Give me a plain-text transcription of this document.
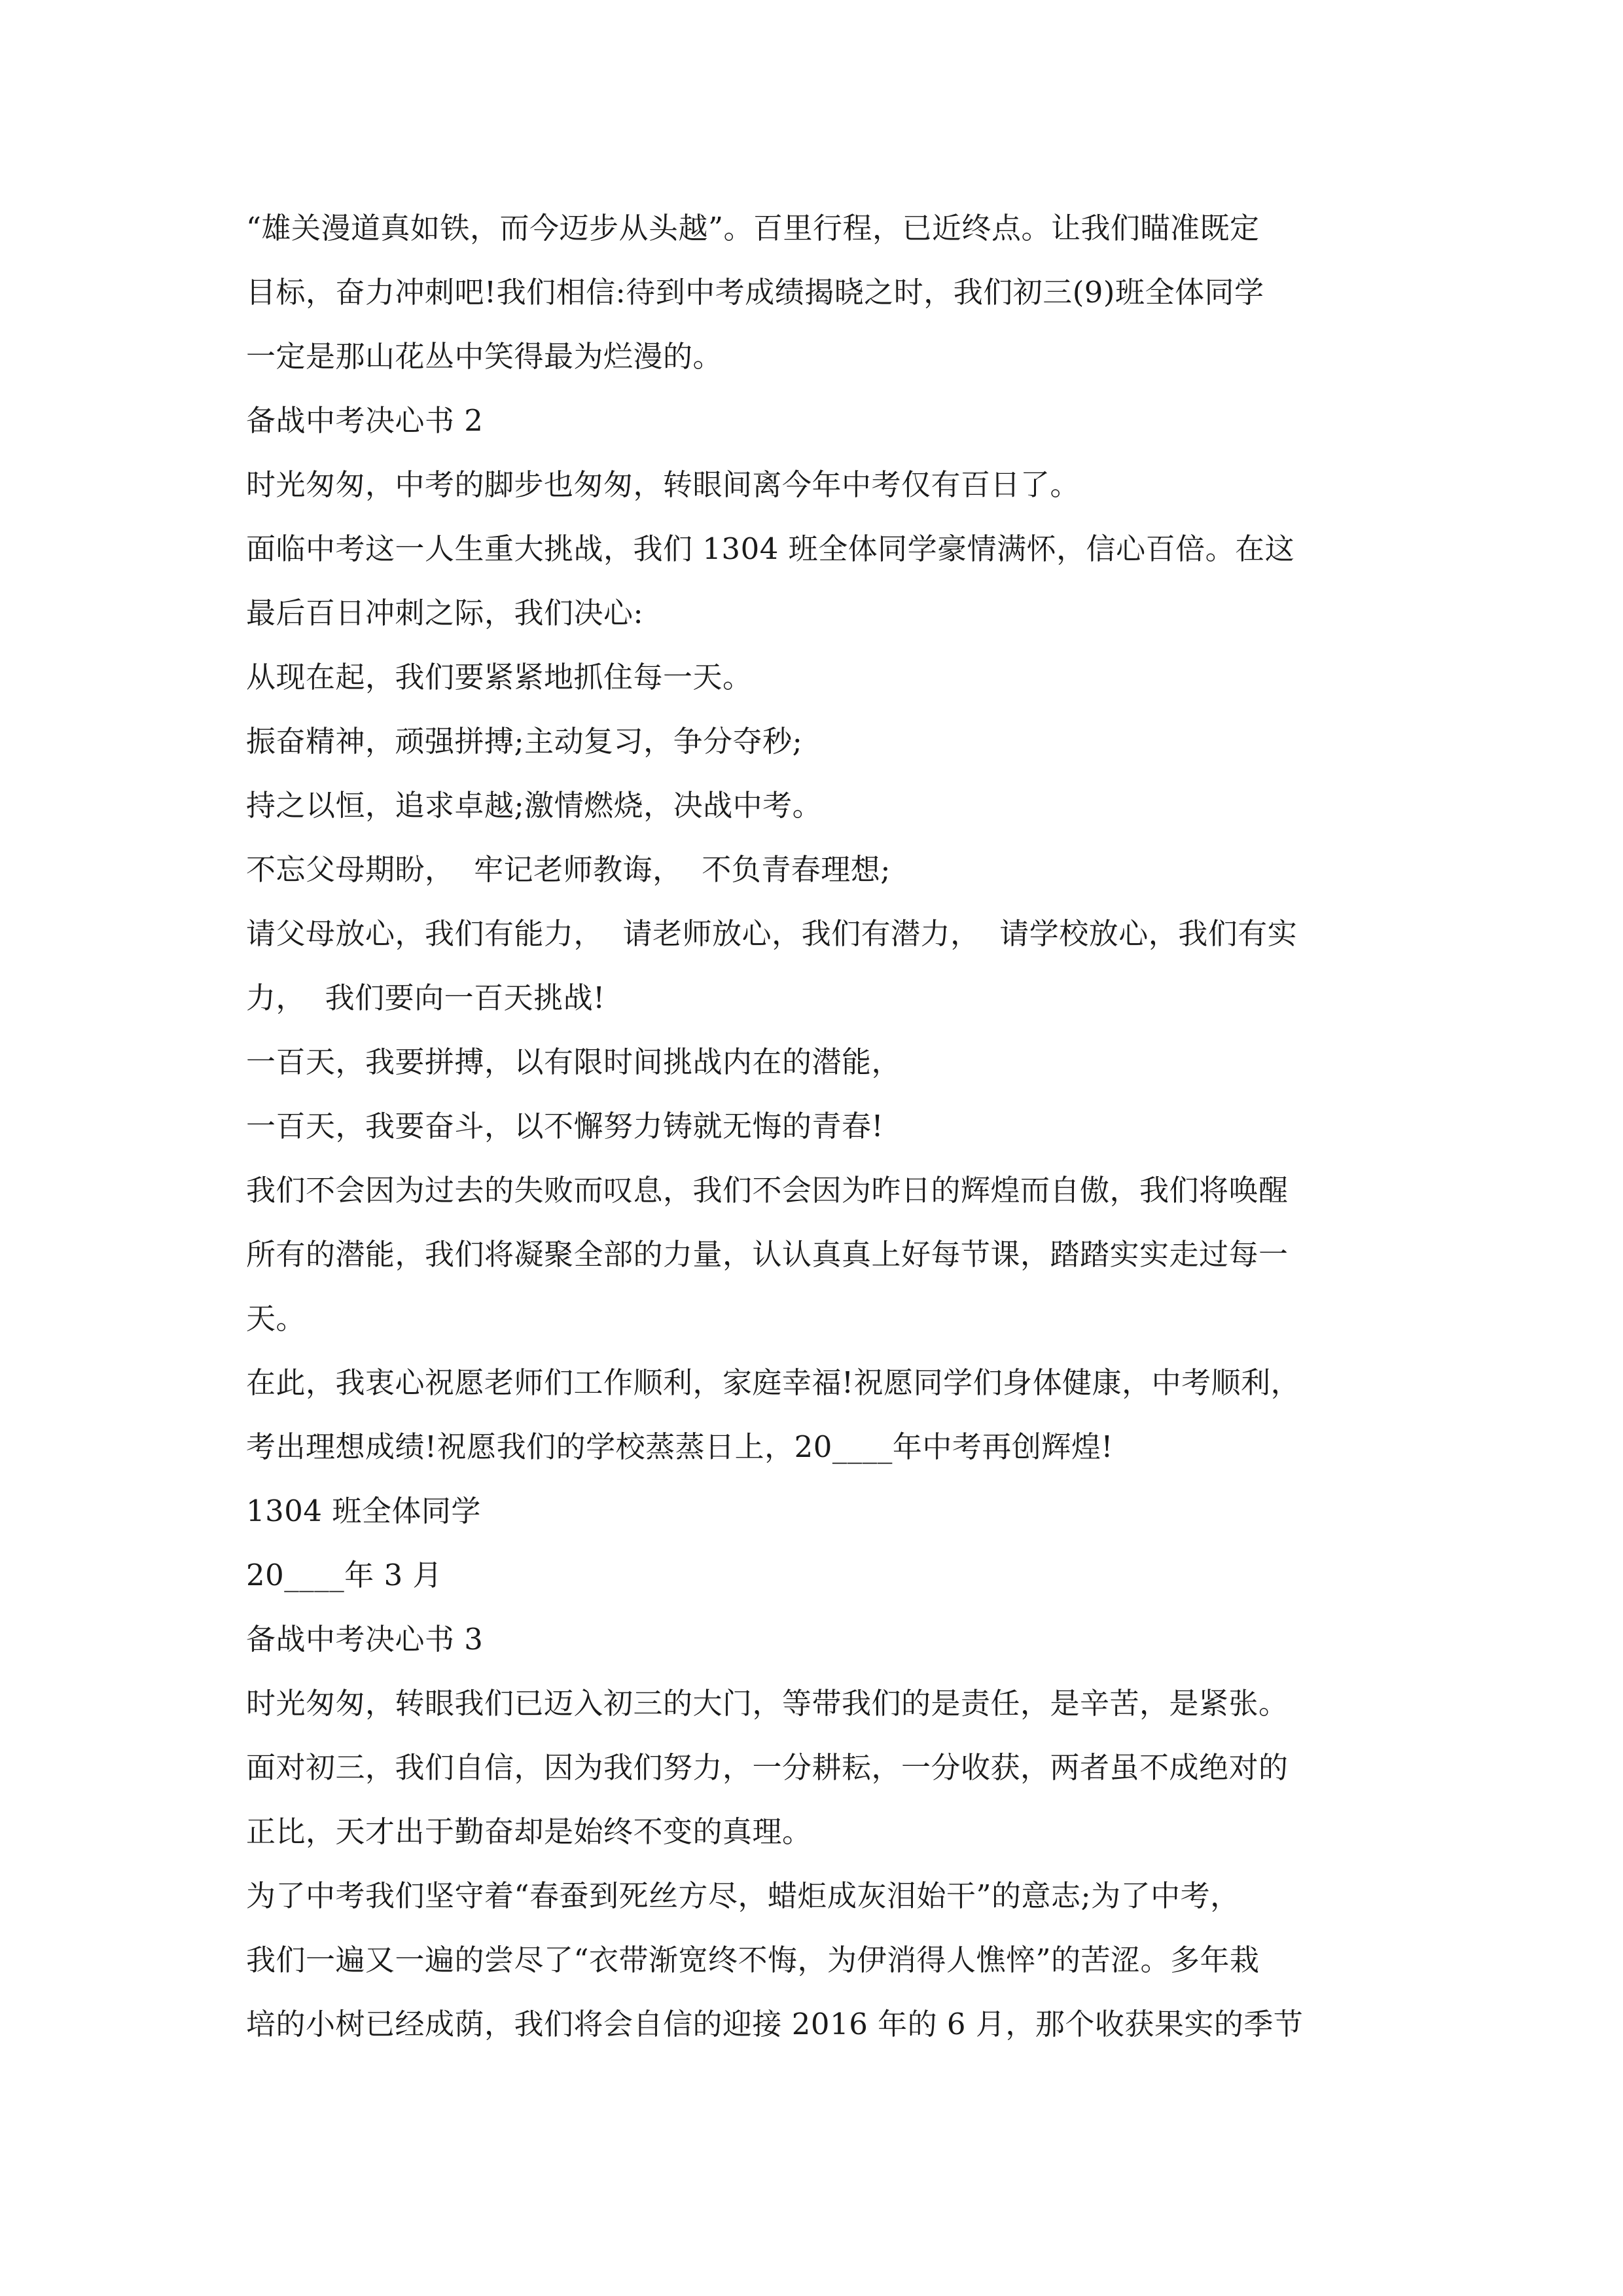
“雄关漫道真如铁，而今迈步从头越”。百里行程，已近终点。让我们瞄准既定
目标，奋力冲刺吧!我们相信:待到中考成绩揭晓之时，我们初三(9)班全体同学
一定是那山花丛中笑得最为烂漫的。
备战中考决心书 2
时光匆匆，中考的脚步也匆匆，转眼间离今年中考仅有百日了。
面临中考这一人生重大挑战，我们 1304 班全体同学豪情满怀，信心百倍。在这
最后百日冲刺之际，我们决心:
从现在起，我们要紧紧地抓住每一天。
振奋精神，顽强拼搏;主动复习，争分夺秒;
持之以恒，追求卓越;激情燃烧，决战中考。
不忘父母期盼，  牢记老师教诲，  不负青春理想;
请父母放心，我们有能力，  请老师放心，我们有潜力，  请学校放心，我们有实
力，  我们要向一百天挑战!
一百天，我要拼搏，以有限时间挑战内在的潜能，
一百天，我要奋斗，以不懈努力铸就无悔的青春!
我们不会因为过去的失败而叹息，我们不会因为昨日的辉煌而自傲，我们将唤醒
所有的潜能，我们将凝聚全部的力量，认认真真上好每节课，踏踏实实走过每一
天。
在此，我衷心祝愿老师们工作顺利，家庭幸福!祝愿同学们身体健康，中考顺利，
考出理想成绩!祝愿我们的学校蒸蒸日上，20____年中考再创辉煌!
1304 班全体同学
20____年 3 月
备战中考决心书 3
时光匆匆，转眼我们已迈入初三的大门，等带我们的是责任，是辛苦，是紧张。
面对初三，我们自信，因为我们努力，一分耕耘，一分收获，两者虽不成绝对的
正比，天才出于勤奋却是始终不变的真理。
为了中考我们坚守着“春蚕到死丝方尽，蜡炬成灰泪始干”的意志;为了中考，
我们一遍又一遍的尝尽了“衣带渐宽终不悔，为伊消得人憔悴”的苦涩。多年栽
培的小树已经成荫，我们将会自信的迎接 2016 年的 6 月，那个收获果实的季节
